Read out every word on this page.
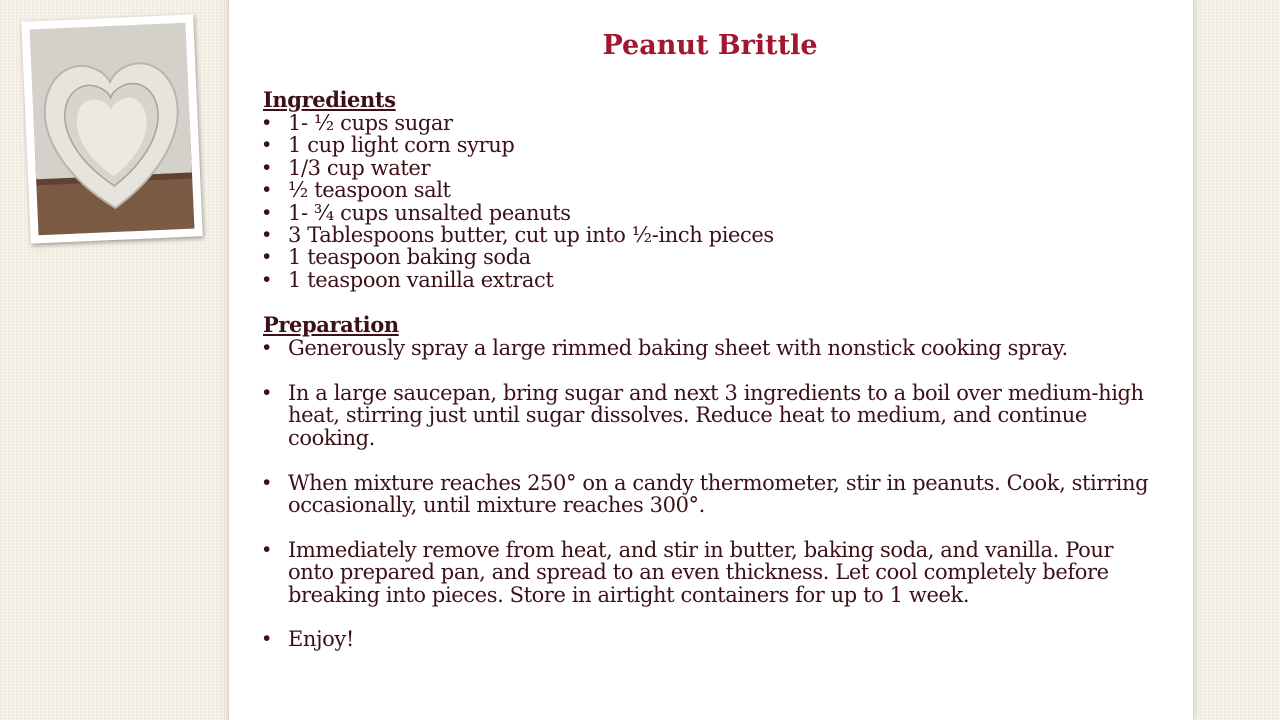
Peanut Brittle

Ingredients

• 1- ½ cups sugar
• 1 cup light corn syrup
• 1/3 cup water
• ½ teaspoon salt
• 1- ¾ cups unsalted peanuts
• 3 Tablespoons butter, cut up into ½-inch pieces
• 1 teaspoon baking soda
• 1 teaspoon vanilla extract

Preparation

• Generously spray a large rimmed baking sheet with nonstick cooking spray.
• In a large saucepan, bring sugar and next 3 ingredients to a boil over medium-high heat, stirring just until sugar dissolves. Reduce heat to medium, and continue cooking.
• When mixture reaches 250° on a candy thermometer, stir in peanuts. Cook, stirring occasionally, until mixture reaches 300°.
• Immediately remove from heat, and stir in butter, baking soda, and vanilla. Pour onto prepared pan, and spread to an even thickness. Let cool completely before breaking into pieces. Store in airtight containers for up to 1 week.
• Enjoy!
